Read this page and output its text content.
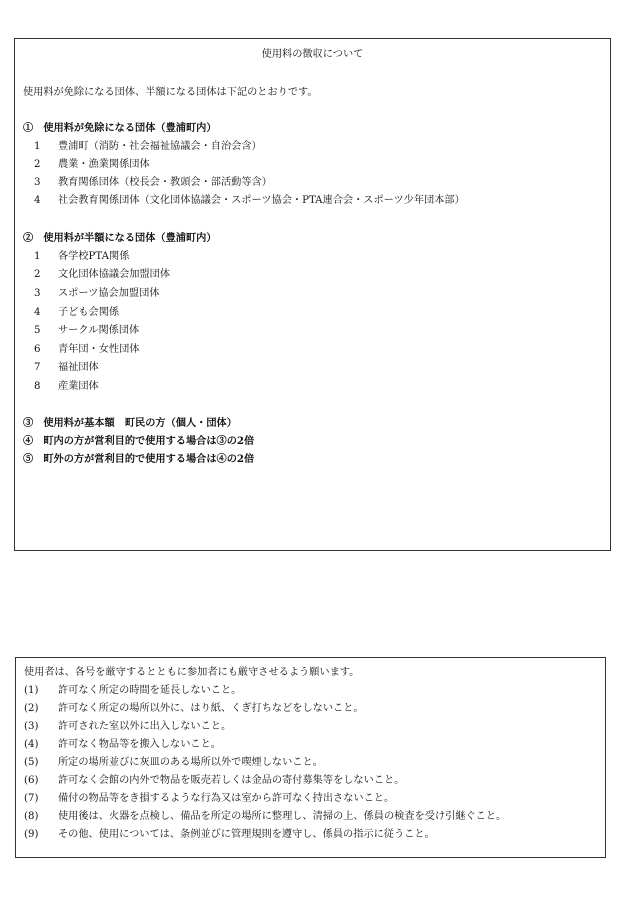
使用料の徴収について
使用料が免除になる団体、半額になる団体は下記のとおりです。
①　使用料が免除になる団体（豊浦町内）
1 豊浦町（消防・社会福祉協議会・自治会含）
2 農業・漁業関係団体
3 教育関係団体（校長会・教頭会・部活動等含）
4 社会教育関係団体（文化団体協議会・スポーツ協会・PTA連合会・スポーツ少年団本部）
②　使用料が半額になる団体（豊浦町内）
1 各学校PTA関係
2 文化団体協議会加盟団体
3 スポーツ協会加盟団体
4 子ども会関係
5 サークル関係団体
6 青年団・女性団体
7 福祉団体
8 産業団体
③　使用料が基本額　町民の方（個人・団体）
④　町内の方が営利目的で使用する場合は③の2倍
⑤　町外の方が営利目的で使用する場合は④の2倍
使用者は、各号を厳守するとともに参加者にも厳守させるよう願います。
(1) 許可なく所定の時間を延長しないこと。
(2) 許可なく所定の場所以外に、はり紙、くぎ打ちなどをしないこと。
(3) 許可された室以外に出入しないこと。
(4) 許可なく物品等を搬入しないこと。
(5) 所定の場所並びに灰皿のある場所以外で喫煙しないこと。
(6) 許可なく会館の内外で物品を販売若しくは金品の寄付募集等をしないこと。
(7) 備付の物品等をき損するような行為又は室から許可なく持出さないこと。
(8) 使用後は、火器を点検し、備品を所定の場所に整理し、清掃の上、係員の検査を受け引継ぐこと。
(9) その他、使用については、条例並びに管理規則を遵守し、係員の指示に従うこと。
